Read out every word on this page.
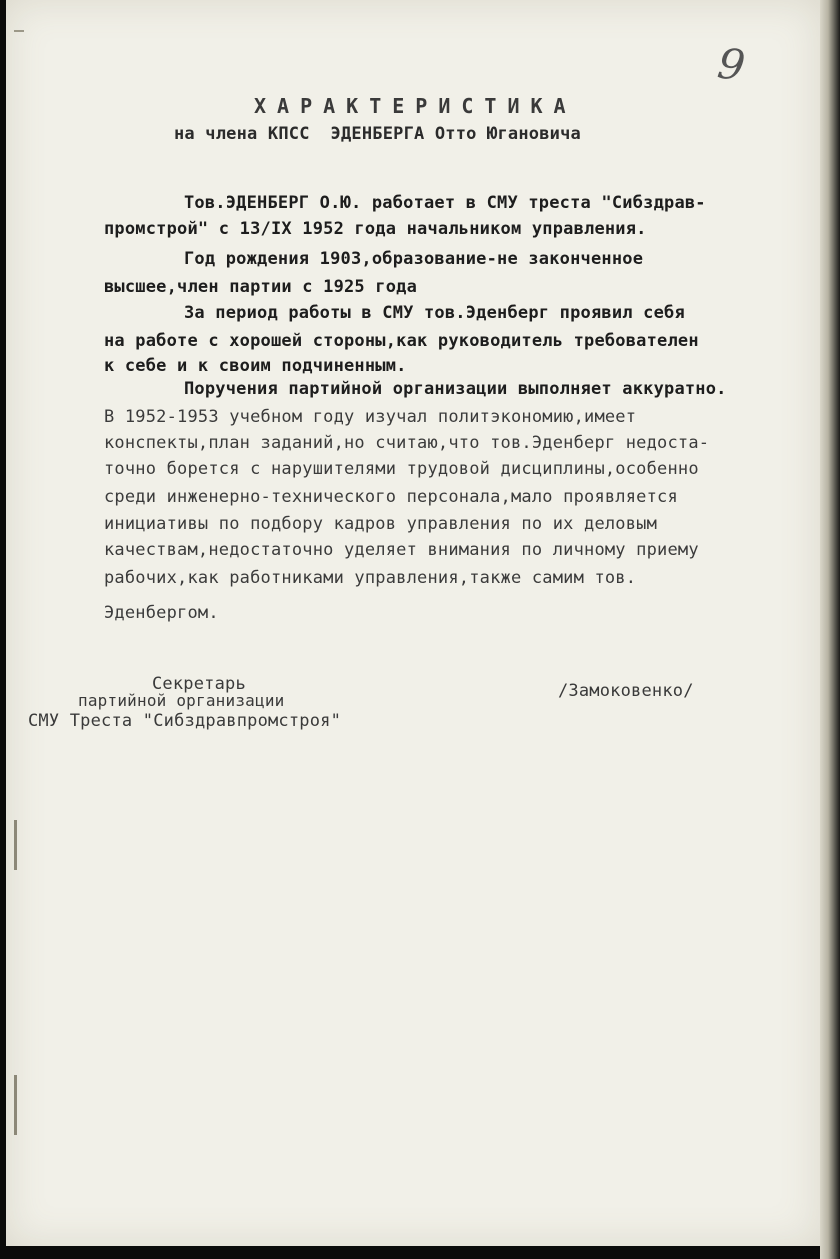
9
ХАРАКТЕРИСТИКА
на члена КПСС  ЭДЕНБЕРГА Отто Югановича
Тов.ЭДЕНБЕРГ О.Ю. работает в СМУ треста "Сибздрав-
промстрой" с 13/IX 1952 года начальником управления.
Год рождения 1903,образование-не законченное
высшее,член партии с 1925 года
За период работы в СМУ тов.Эденберг проявил себя
на работе с хорошей стороны,как руководитель требователен
к себе и к своим подчиненным.
Поручения партийной организации выполняет аккуратно.
В 1952-1953 учебном году изучал политэкономию,имеет
конспекты,план заданий,но считаю,что тов.Эденберг недоста-
точно борется с нарушителями трудовой дисциплины,особенно
среди инженерно-технического персонала,мало проявляется
инициативы по подбору кадров управления по их деловым
качествам,недостаточно уделяет внимания по личному приему
рабочих,как работниками управления,также самим тов.
Эденбергом.
Секретарь
партийной организации
СМУ Треста "Сибздравпромстроя"
/Замоковенко/
